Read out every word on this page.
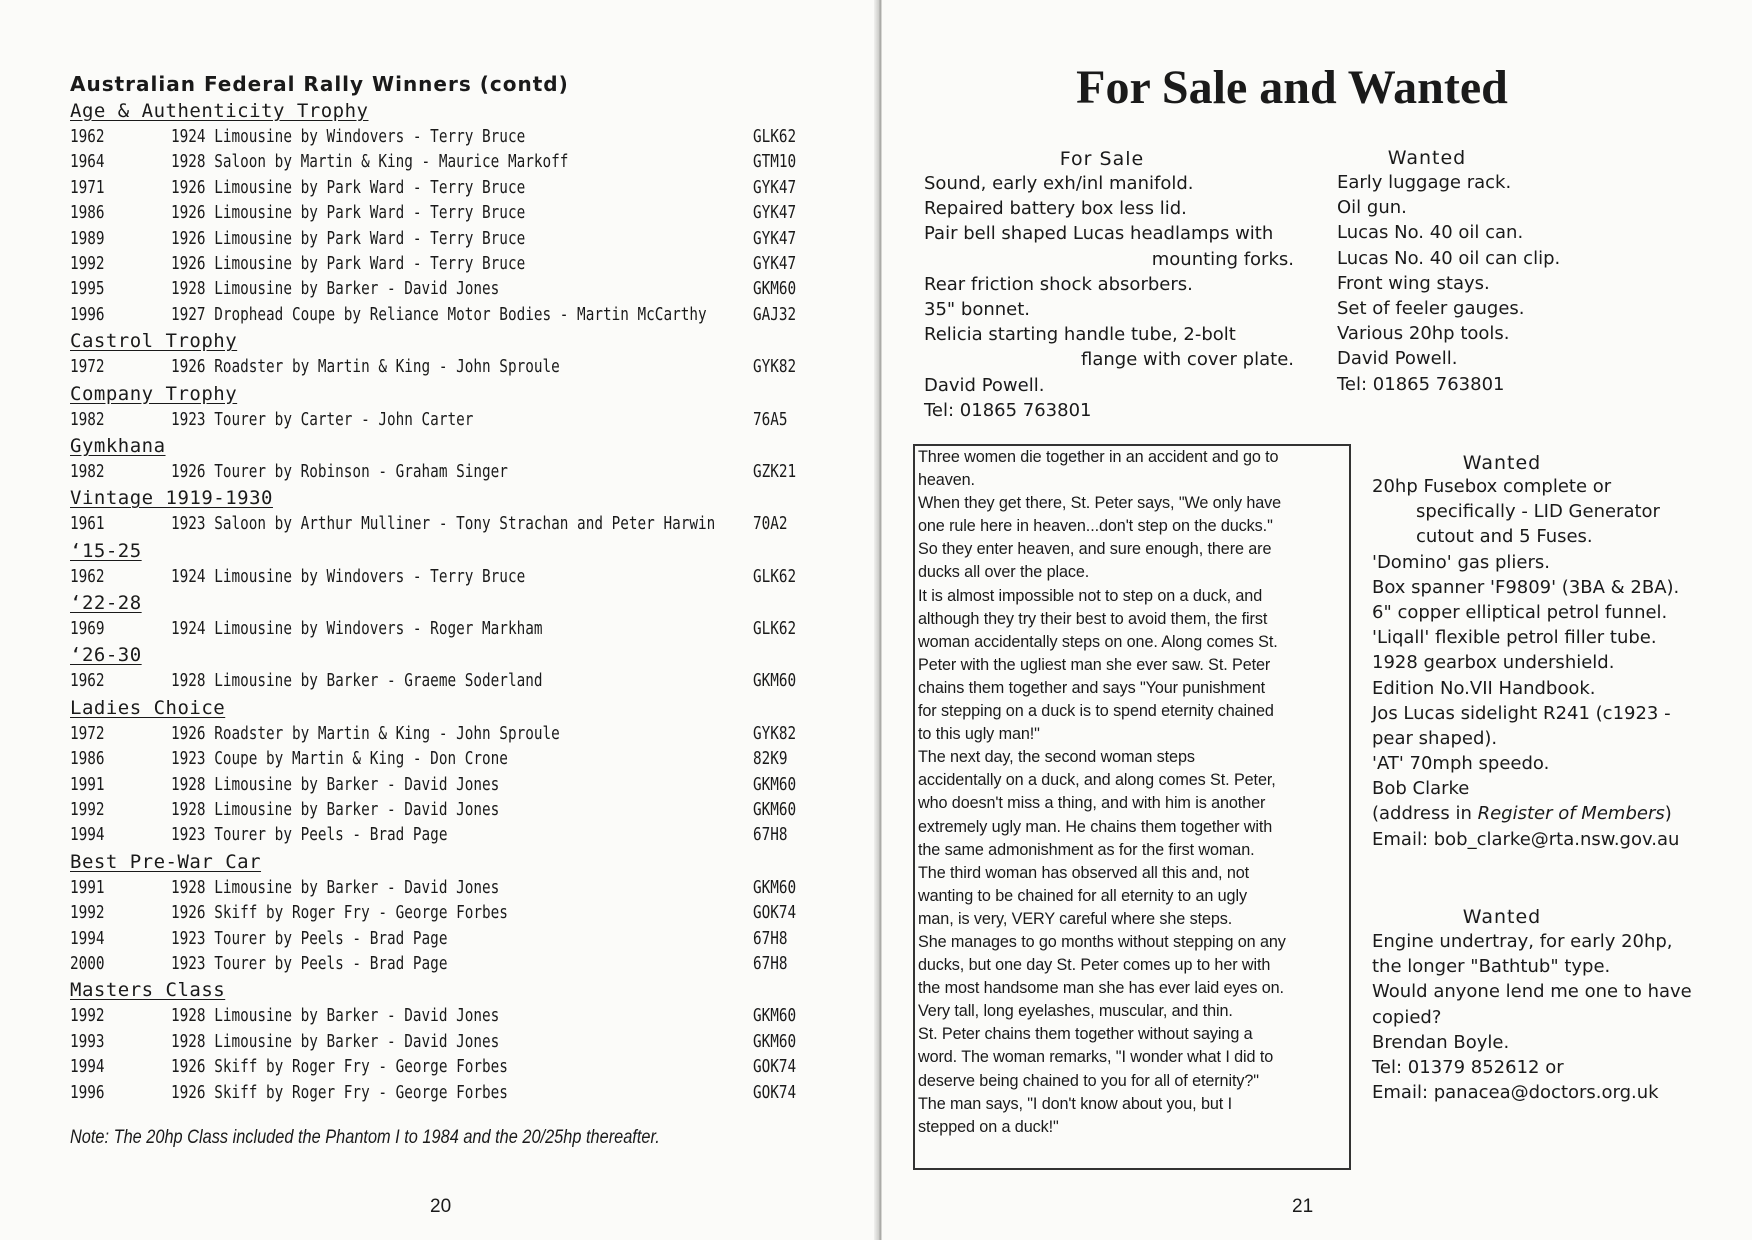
Australian Federal Rally Winners (contd)
Age & Authenticity Trophy
1962	1924 Limousine by Windovers - Terry Bruce	GLK62
1964	1928 Saloon by Martin & King - Maurice Markoff	GTM10
1971	1926 Limousine by Park Ward - Terry Bruce	GYK47
1986	1926 Limousine by Park Ward - Terry Bruce	GYK47
1989	1926 Limousine by Park Ward - Terry Bruce	GYK47
1992	1926 Limousine by Park Ward - Terry Bruce	GYK47
1995	1928 Limousine by Barker - David Jones	GKM60
1996	1927 Drophead Coupe by Reliance Motor Bodies - Martin McCarthy	GAJ32
Castrol Trophy
1972	1926 Roadster by Martin & King - John Sproule	GYK82
Company Trophy
1982	1923 Tourer by Carter - John Carter	76A5
Gymkhana
1982	1926 Tourer by Robinson - Graham Singer	GZK21
Vintage 1919-1930
1961	1923 Saloon by Arthur Mulliner - Tony Strachan and Peter Harwin 70A2
‘15-25
1962	1924 Limousine by Windovers - Terry Bruce	GLK62
‘22-28
1969	1924 Limousine by Windovers - Roger Markham	GLK62
‘26-30
1962	1928 Limousine by Barker - Graeme Soderland	GKM60
Ladies Choice
1972	1926 Roadster by Martin & King - John Sproule	GYK82
1986	1923 Coupe by Martin & King - Don Crone	82K9
1991	1928 Limousine by Barker - David Jones	GKM60
1992	1928 Limousine by Barker - David Jones	GKM60
1994	1923 Tourer by Peels - Brad Page	67H8
Best Pre-War Car
1991	1928 Limousine by Barker - David Jones	GKM60
1992	1926 Skiff by Roger Fry - George Forbes	GOK74
1994	1923 Tourer by Peels - Brad Page	67H8
2000	1923 Tourer by Peels - Brad Page	67H8
Masters Class
1992	1928 Limousine by Barker - David Jones	GKM60
1993	1928 Limousine by Barker - David Jones	GKM60
1994	1926 Skiff by Roger Fry - George Forbes	GOK74
1996	1926 Skiff by Roger Fry - George Forbes	GOK74
Note: The 20hp Class included the Phantom I to 1984 and the 20/25hp thereafter.
20
For Sale and Wanted
For Sale
Sound, early exh/inl manifold.
Repaired battery box less lid.
Pair bell shaped Lucas headlamps with
mounting forks.
Rear friction shock absorbers.
35" bonnet.
Relicia starting handle tube, 2-bolt
flange with cover plate.
David Powell.
Tel: 01865 763801
Wanted
Early luggage rack.
Oil gun.
Lucas No. 40 oil can.
Lucas No. 40 oil can clip.
Front wing stays.
Set of feeler gauges.
Various 20hp tools.
David Powell.
Tel: 01865 763801
Three women die together in an accident and go to
heaven.
When they get there, St. Peter says, "We only have
one rule here in heaven...don't step on the ducks."
So they enter heaven, and sure enough, there are
ducks all over the place.
It is almost impossible not to step on a duck, and
although they try their best to avoid them, the first
woman accidentally steps on one. Along comes St.
Peter with the ugliest man she ever saw. St. Peter
chains them together and says "Your punishment
for stepping on a duck is to spend eternity chained
to this ugly man!"
The next day, the second woman steps
accidentally on a duck, and along comes St. Peter,
who doesn't miss a thing, and with him is another
extremely ugly man. He chains them together with
the same admonishment as for the first woman.
The third woman has observed all this and, not
wanting to be chained for all eternity to an ugly
man, is very, VERY careful where she steps.
She manages to go months without stepping on any
ducks, but one day St. Peter comes up to her with
the most handsome man she has ever laid eyes on.
Very tall, long eyelashes, muscular, and thin.
St. Peter chains them together without saying a
word. The woman remarks, "I wonder what I did to
deserve being chained to you for all of eternity?"
The man says, "I don't know about you, but I
stepped on a duck!"
Wanted
20hp Fusebox complete or
specifically - LID Generator
cutout and 5 Fuses.
'Domino' gas pliers.
Box spanner 'F9809' (3BA & 2BA).
6" copper elliptical petrol funnel.
'Liqall' flexible petrol filler tube.
1928 gearbox undershield.
Edition No.VII Handbook.
Jos Lucas sidelight R241 (c1923 -
pear shaped).
'AT' 70mph speedo.
Bob Clarke
(address in Register of Members)
Email: bob_clarke@rta.nsw.gov.au
Wanted
Engine undertray, for early 20hp,
the longer "Bathtub" type.
Would anyone lend me one to have
copied?
Brendan Boyle.
Tel: 01379 852612 or
Email: panacea@doctors.org.uk
21
